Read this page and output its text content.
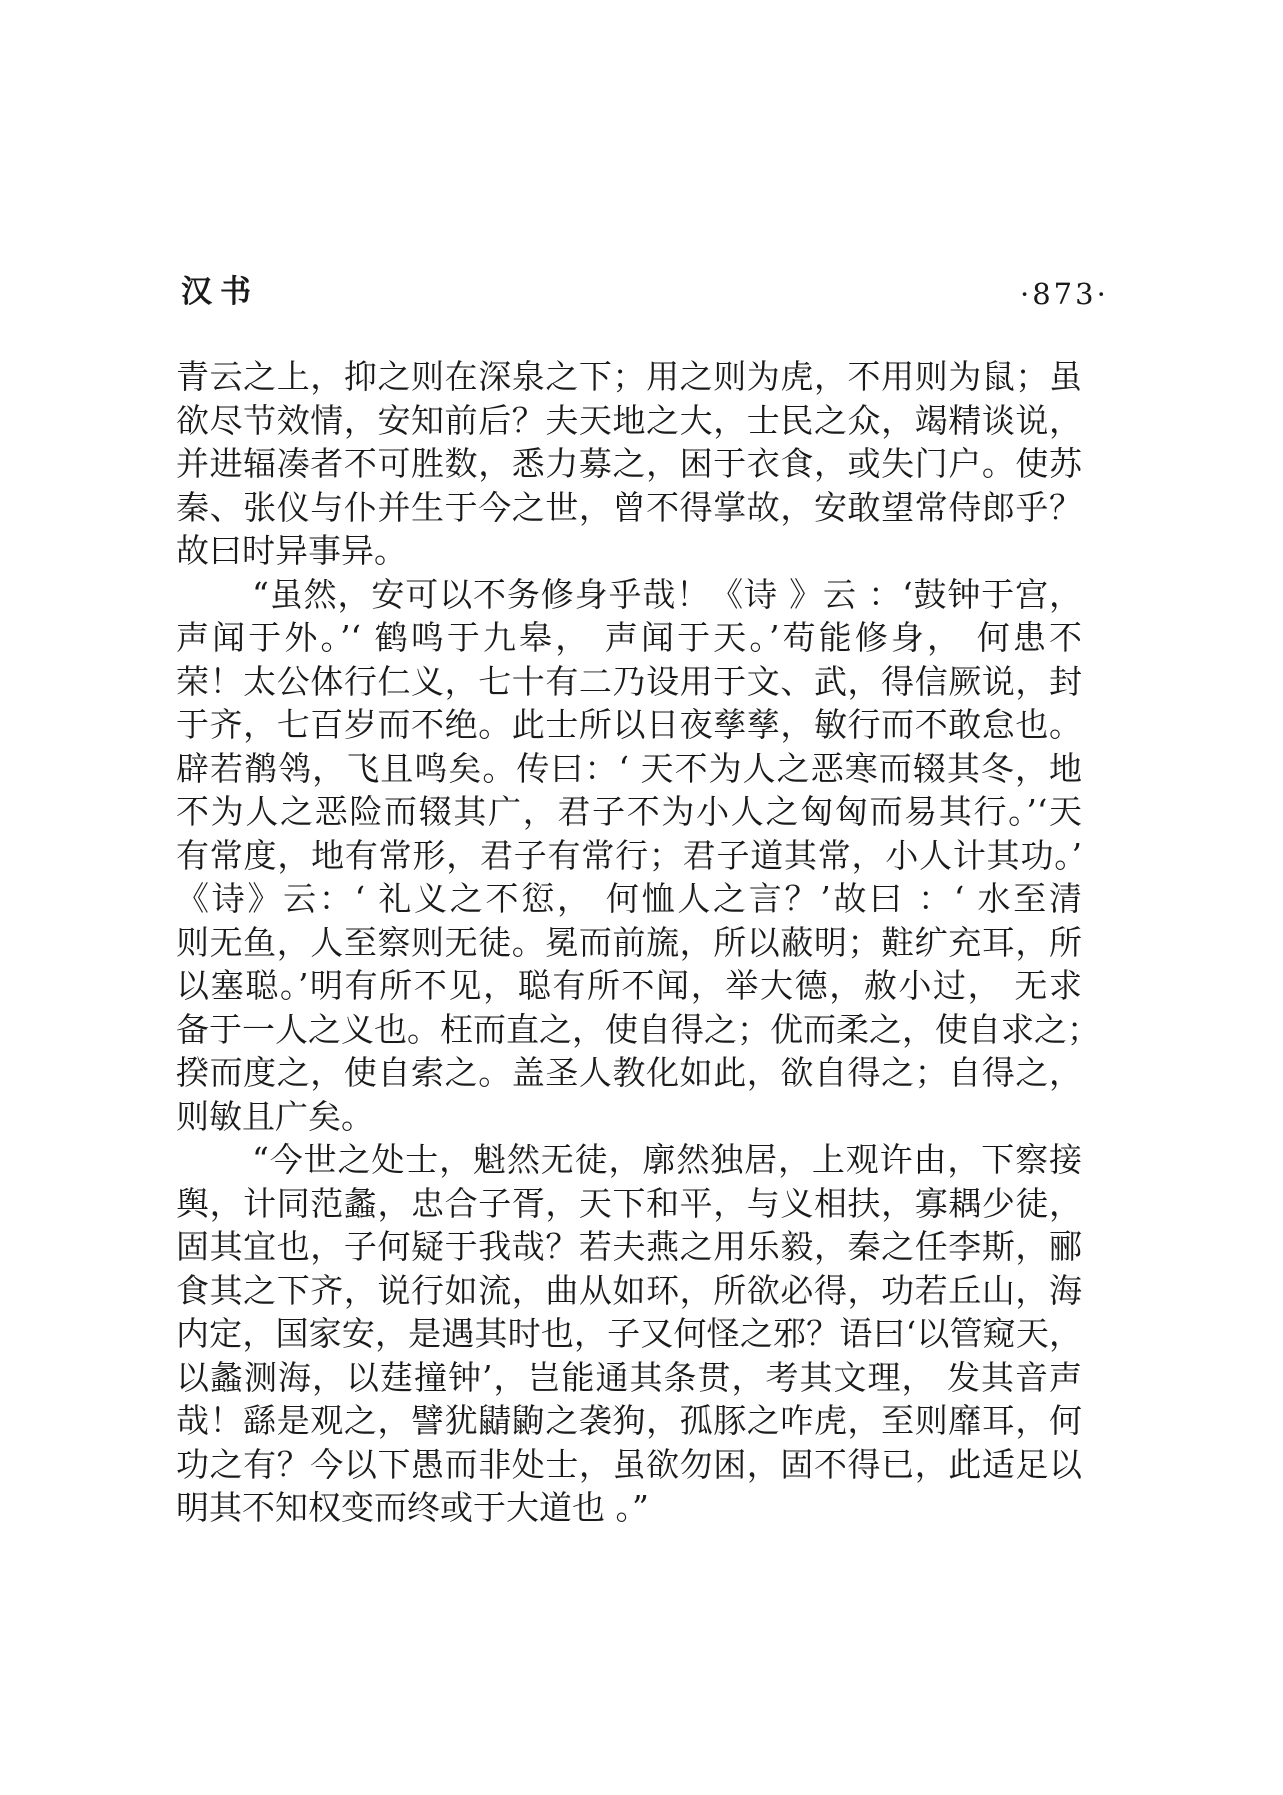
汉书	·873·
青云之上，抑之则在深泉之下；用之则为虎，不用则为鼠；虽
欲尽节效情，安知前后？夫天地之大，士民之众，竭精谈说，
并进辐凑者不可胜数，悉力募之，困于衣食，或失门户。使苏
秦、张仪与仆并生于今之世，曾不得掌故，安敢望常侍郎乎？
故曰时异事异。
“虽然，安可以不务修身乎哉！《诗 》云 ：‘鼓钟于宫，
声闻于外。’‘ 鹤鸣于九皋， 声闻于天。’苟能修身， 何患不
荣！太公体行仁义，七十有二乃设用于文、武，得信厥说，封
于齐，七百岁而不绝。此士所以日夜孳孳，敏行而不敢怠也。
辟若鹡鸰，飞且鸣矣。传曰：‘ 天不为人之恶寒而辍其冬，地
不为人之恶险而辍其广，君子不为小人之匈匈而易其行。’‘天
有常度，地有常形，君子有常行；君子道其常，小人计其功。’
《诗》云：‘ 礼义之不愆， 何恤人之言？’故曰 ：‘ 水至清
则无鱼，人至察则无徒。冕而前旒，所以蔽明；黈纩充耳，所
以塞聪。’明有所不见，聪有所不闻，举大德，赦小过， 无求
备于一人之义也。枉而直之，使自得之；优而柔之，使自求之；
揆而度之，使自索之。盖圣人教化如此，欲自得之；自得之，
则敏且广矣。
“今世之处士，魁然无徒，廓然独居，上观许由，下察接
舆，计同范蠡，忠合子胥，天下和平，与义相扶，寡耦少徒，
固其宜也，子何疑于我哉？若夫燕之用乐毅，秦之任李斯，郦
食其之下齐，说行如流，曲从如环，所欲必得，功若丘山，海
内定，国家安，是遇其时也，子又何怪之邪？语曰‘以管窥天，
以蠡测海，以莛撞钟’，岂能通其条贯，考其文理， 发其音声
哉！繇是观之，譬犹鼱鼩之袭狗，孤豚之咋虎，至则靡耳，何
功之有？今以下愚而非处士，虽欲勿困，固不得已，此适足以
明其不知权变而终或于大道也 。”
